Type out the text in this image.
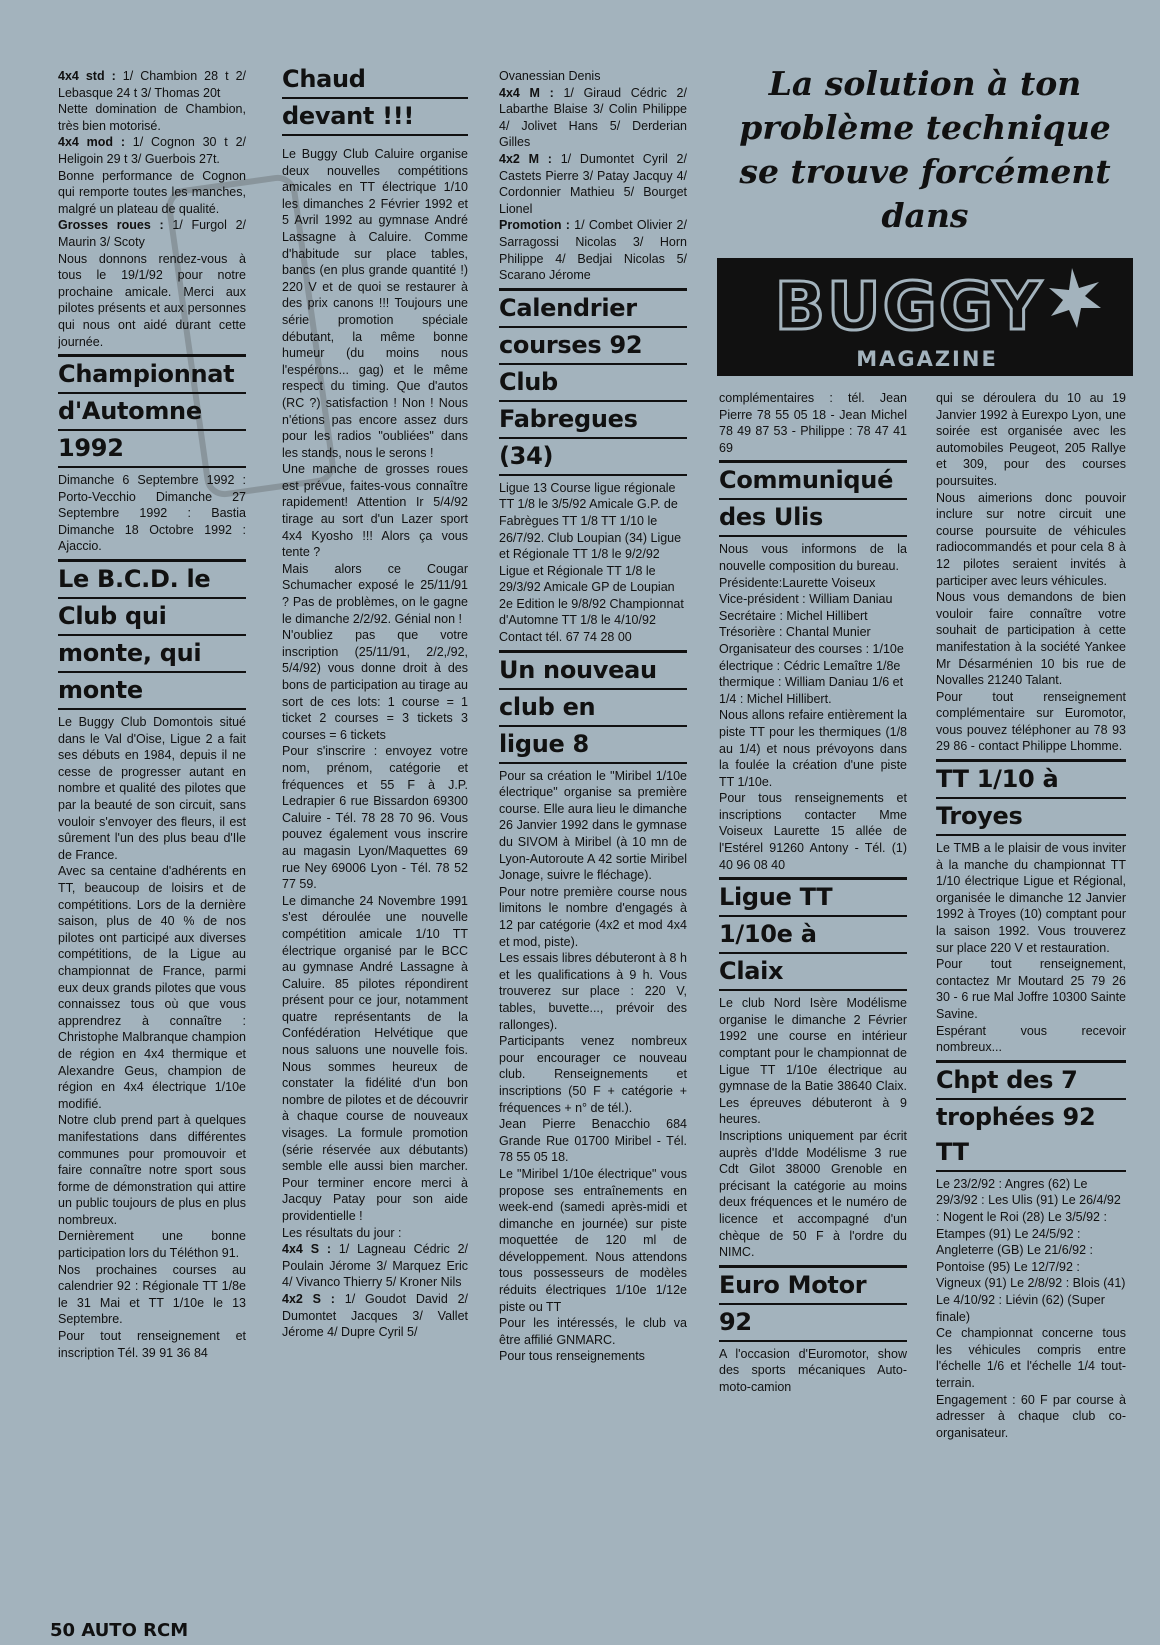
4x4 std : 1/ Chambion 28 t 2/ Lebasque 24 t 3/ Thomas 20t

Nette domination de Chambion, très bien motorisé.

4x4 mod : 1/ Cognon 30 t 2/ Heligoin 29 t 3/ Guerbois 27t.

Bonne performance de Cognon qui remporte toutes les manches, malgré un plateau de qualité.

Grosses roues : 1/ Furgol 2/ Maurin 3/ Scoty

Nous donnons rendez-vous à tous le 19/1/92 pour notre prochaine amicale. Merci aux pilotes présents et aux personnes qui nous ont aidé durant cette journée.

Championnat
d'Automne
1992

Dimanche 6 Septembre 1992 : Porto-Vecchio Dimanche 27 Septembre 1992 : Bastia Dimanche 18 Octobre 1992 : Ajaccio.

Le B.C.D. le
Club qui
monte, qui
monte

Le Buggy Club Domontois situé dans le Val d'Oise, Ligue 2 a fait ses débuts en 1984, depuis il ne cesse de progresser autant en nombre et qualité des pilotes que par la beauté de son circuit, sans vouloir s'envoyer des fleurs, il est sûrement l'un des plus beau d'Ile de France.

Avec sa centaine d'adhérents en TT, beaucoup de loisirs et de compétitions. Lors de la dernière saison, plus de 40 % de nos pilotes ont participé aux diverses compétitions, de la Ligue au championnat de France, parmi eux deux grands pilotes que vous connaissez tous où que vous apprendrez à connaître : Christophe Malbranque champion de région en 4x4 thermique et Alexandre Geus, champion de région en 4x4 électrique 1/10e modifié.

Notre club prend part à quelques manifestations dans différentes communes pour promouvoir et faire connaître notre sport sous forme de démonstration qui attire un public toujours de plus en plus nombreux.

Dernièrement une bonne participation lors du Téléthon 91.

Nos prochaines courses au calendrier 92 : Régionale TT 1/8e le 31 Mai et TT 1/10e le 13 Septembre.

Pour tout renseignement et inscription Tél. 39 91 36 84

Chaud
devant !!!

Le Buggy Club Caluire organise deux nouvelles compétitions amicales en TT électrique 1/10 les dimanches 2 Février 1992 et 5 Avril 1992 au gymnase André Lassagne à Caluire. Comme d'habitude sur place tables, bancs (en plus grande quantité !) 220 V et de quoi se restaurer à des prix canons !!! Toujours une série promotion spéciale débutant, la même bonne humeur (du moins nous l'espérons... gag) et le même respect du timing. Que d'autos (RC ?) satisfaction ! Non ! Nous n'étions pas encore assez durs pour les radios "oubliées" dans les stands, nous le serons !

Une manche de grosses roues est prévue, faites-vous connaître rapidement! Attention Ir 5/4/92 tirage au sort d'un Lazer sport 4x4 Kyosho !!! Alors ça vous tente ?

Mais alors ce Cougar Schumacher exposé le 25/11/91 ? Pas de problèmes, on le gagne le dimanche 2/2/92. Génial non !

N'oubliez pas que votre inscription (25/11/91, 2/2,/92, 5/4/92) vous donne droit à des bons de participation au tirage au sort de ces lots: 1 course = 1 ticket 2 courses = 3 tickets 3 courses = 6 tickets

Pour s'inscrire : envoyez votre nom, prénom, catégorie et fréquences et 55 F à J.P. Ledrapier 6 rue Bissardon 69300 Caluire - Tél. 78 28 70 96. Vous pouvez également vous inscrire au magasin Lyon/Maquettes 69 rue Ney 69006 Lyon - Tél. 78 52 77 59.

Le dimanche 24 Novembre 1991 s'est déroulée une nouvelle compétition amicale 1/10 TT électrique organisé par le BCC au gymnase André Lassagne à Caluire. 85 pilotes répondirent présent pour ce jour, notamment quatre représentants de la Confédération Helvétique que nous saluons une nouvelle fois. Nous sommes heureux de constater la fidélité d'un bon nombre de pilotes et de découvrir à chaque course de nouveaux visages. La formule promotion (série réservée aux débutants) semble elle aussi bien marcher. Pour terminer encore merci à Jacquy Patay pour son aide providentielle !

Les résultats du jour :

4x4 S : 1/ Lagneau Cédric 2/ Poulain Jérome 3/ Marquez Eric 4/ Vivanco Thierry 5/ Kroner Nils

4x2 S : 1/ Goudot David 2/ Dumontet Jacques 3/ Vallet Jérome 4/ Dupre Cyril 5/

Ovanessian Denis

4x4 M : 1/ Giraud Cédric 2/ Labarthe Blaise 3/ Colin Philippe 4/ Jolivet Hans 5/ Derderian Gilles

4x2 M : 1/ Dumontet Cyril 2/ Castets Pierre 3/ Patay Jacquy 4/ Cordonnier Mathieu 5/ Bourget Lionel

Promotion : 1/ Combet Olivier 2/ Sarragossi Nicolas 3/ Horn Philippe 4/ Bedjai Nicolas 5/ Scarano Jérome

Calendrier
courses 92
Club
Fabregues
(34)

Ligue 13 Course ligue régionale TT 1/8 le 3/5/92 Amicale G.P. de Fabrègues TT 1/8 TT 1/10 le 26/7/92. Club Loupian (34) Ligue et Régionale TT 1/8 le 9/2/92 Ligue et Régionale TT 1/8 le 29/3/92 Amicale GP de Loupian 2e Edition le 9/8/92 Championnat d'Automne TT 1/8 le 4/10/92 Contact tél. 67 74 28 00

Un nouveau
club en
ligue 8

Pour sa création le "Miribel 1/10e électrique" organise sa première course. Elle aura lieu le dimanche 26 Janvier 1992 dans le gymnase du SIVOM à Miribel (à 10 mn de Lyon-Autoroute A 42 sortie Miribel Jonage, suivre le fléchage).

Pour notre première course nous limitons le nombre d'engagés à 12 par catégorie (4x2 et mod 4x4 et mod, piste).

Les essais libres débuteront à 8 h et les qualifications à 9 h. Vous trouverez sur place : 220 V, tables, buvette..., prévoir des rallonges).

Participants venez nombreux pour encourager ce nouveau club. Renseignements et inscriptions (50 F + catégorie + fréquences + n° de tél.).

Jean Pierre Benacchio 684 Grande Rue 01700 Miribel - Tél. 78 55 05 18.

Le "Miribel 1/10e électrique" vous propose ses entraînements en week-end (samedi après-midi et dimanche en journée) sur piste moquettée de 120 ml de développement. Nous attendons tous possesseurs de modèles réduits électriques 1/10e 1/12e piste ou TT

Pour les intéressés, le club va être affilié GNMARC.

Pour tous renseignements

La solution à ton
problème technique
se trouve forcément
dans
BUGGY
MAGAZINE

complémentaires : tél. Jean Pierre 78 55 05 18 - Jean Michel 78 49 87 53 - Philippe : 78 47 41 69

Communiqué
des Ulis

Nous vous informons de la nouvelle composition du bureau.

Présidente:Laurette Voiseux Vice-président : William Daniau Secrétaire : Michel Hillibert Trésorière : Chantal Munier Organisateur des courses : 1/10e électrique : Cédric Lemaître 1/8e thermique : William Daniau 1/6 et 1/4 : Michel Hillibert.

Nous allons refaire entièrement la piste TT pour les thermiques (1/8 au 1/4) et nous prévoyons dans la foulée la création d'une piste TT 1/10e.

Pour tous renseignements et inscriptions contacter Mme Voiseux Laurette 15 allée de l'Estérel 91260 Antony - Tél. (1) 40 96 08 40

Ligue TT
1/10e à
Claix

Le club Nord Isère Modélisme organise le dimanche 2 Février 1992 une course en intérieur comptant pour le championnat de Ligue TT 1/10e électrique au gymnase de la Batie 38640 Claix. Les épreuves débuteront à 9 heures.

Inscriptions uniquement par écrit auprès d'Idde Modélisme 3 rue Cdt Gilot 38000 Grenoble en précisant la catégorie au moins deux fréquences et le numéro de licence et accompagné d'un chèque de 50 F à l'ordre du NIMC.

Euro Motor
92

A l'occasion d'Euromotor, show des sports mécaniques Auto-moto-camion

qui se déroulera du 10 au 19 Janvier 1992 à Eurexpo Lyon, une soirée est organisée avec les automobiles Peugeot, 205 Rallye et 309, pour des courses poursuites.

Nous aimerions donc pouvoir inclure sur notre circuit une course poursuite de véhicules radiocommandés et pour cela 8 à 12 pilotes seraient invités à participer avec leurs véhicules.

Nous vous demandons de bien vouloir faire connaître votre souhait de participation à cette manifestation à la société Yankee Mr Désarménien 10 bis rue de Novalles 21240 Talant.

Pour tout renseignement complémentaire sur Euromotor, vous pouvez téléphoner au 78 93 29 86 - contact Philippe Lhomme.

TT 1/10 à
Troyes

Le TMB a le plaisir de vous inviter à la manche du championnat TT 1/10 électrique Ligue et Régional, organisée le dimanche 12 Janvier 1992 à Troyes (10) comptant pour la saison 1992. Vous trouverez sur place 220 V et restauration.

Pour tout renseignement, contactez Mr Moutard 25 79 26 30 - 6 rue Mal Joffre 10300 Sainte Savine.

Espérant vous recevoir nombreux...

Chpt des 7
trophées 92 TT

Le 23/2/92 : Angres (62) Le 29/3/92 : Les Ulis (91) Le 26/4/92 : Nogent le Roi (28) Le 3/5/92 : Etampes (91) Le 24/5/92 : Angleterre (GB) Le 21/6/92 : Pontoise (95) Le 12/7/92 : Vigneux (91) Le 2/8/92 : Blois (41) Le 4/10/92 : Liévin (62) (Super finale)

Ce championnat concerne tous les véhicules compris entre l'échelle 1/6 et l'échelle 1/4 tout-terrain.

Engagement : 60 F par course à adresser à chaque club co-organisateur.

50 AUTO RCM
